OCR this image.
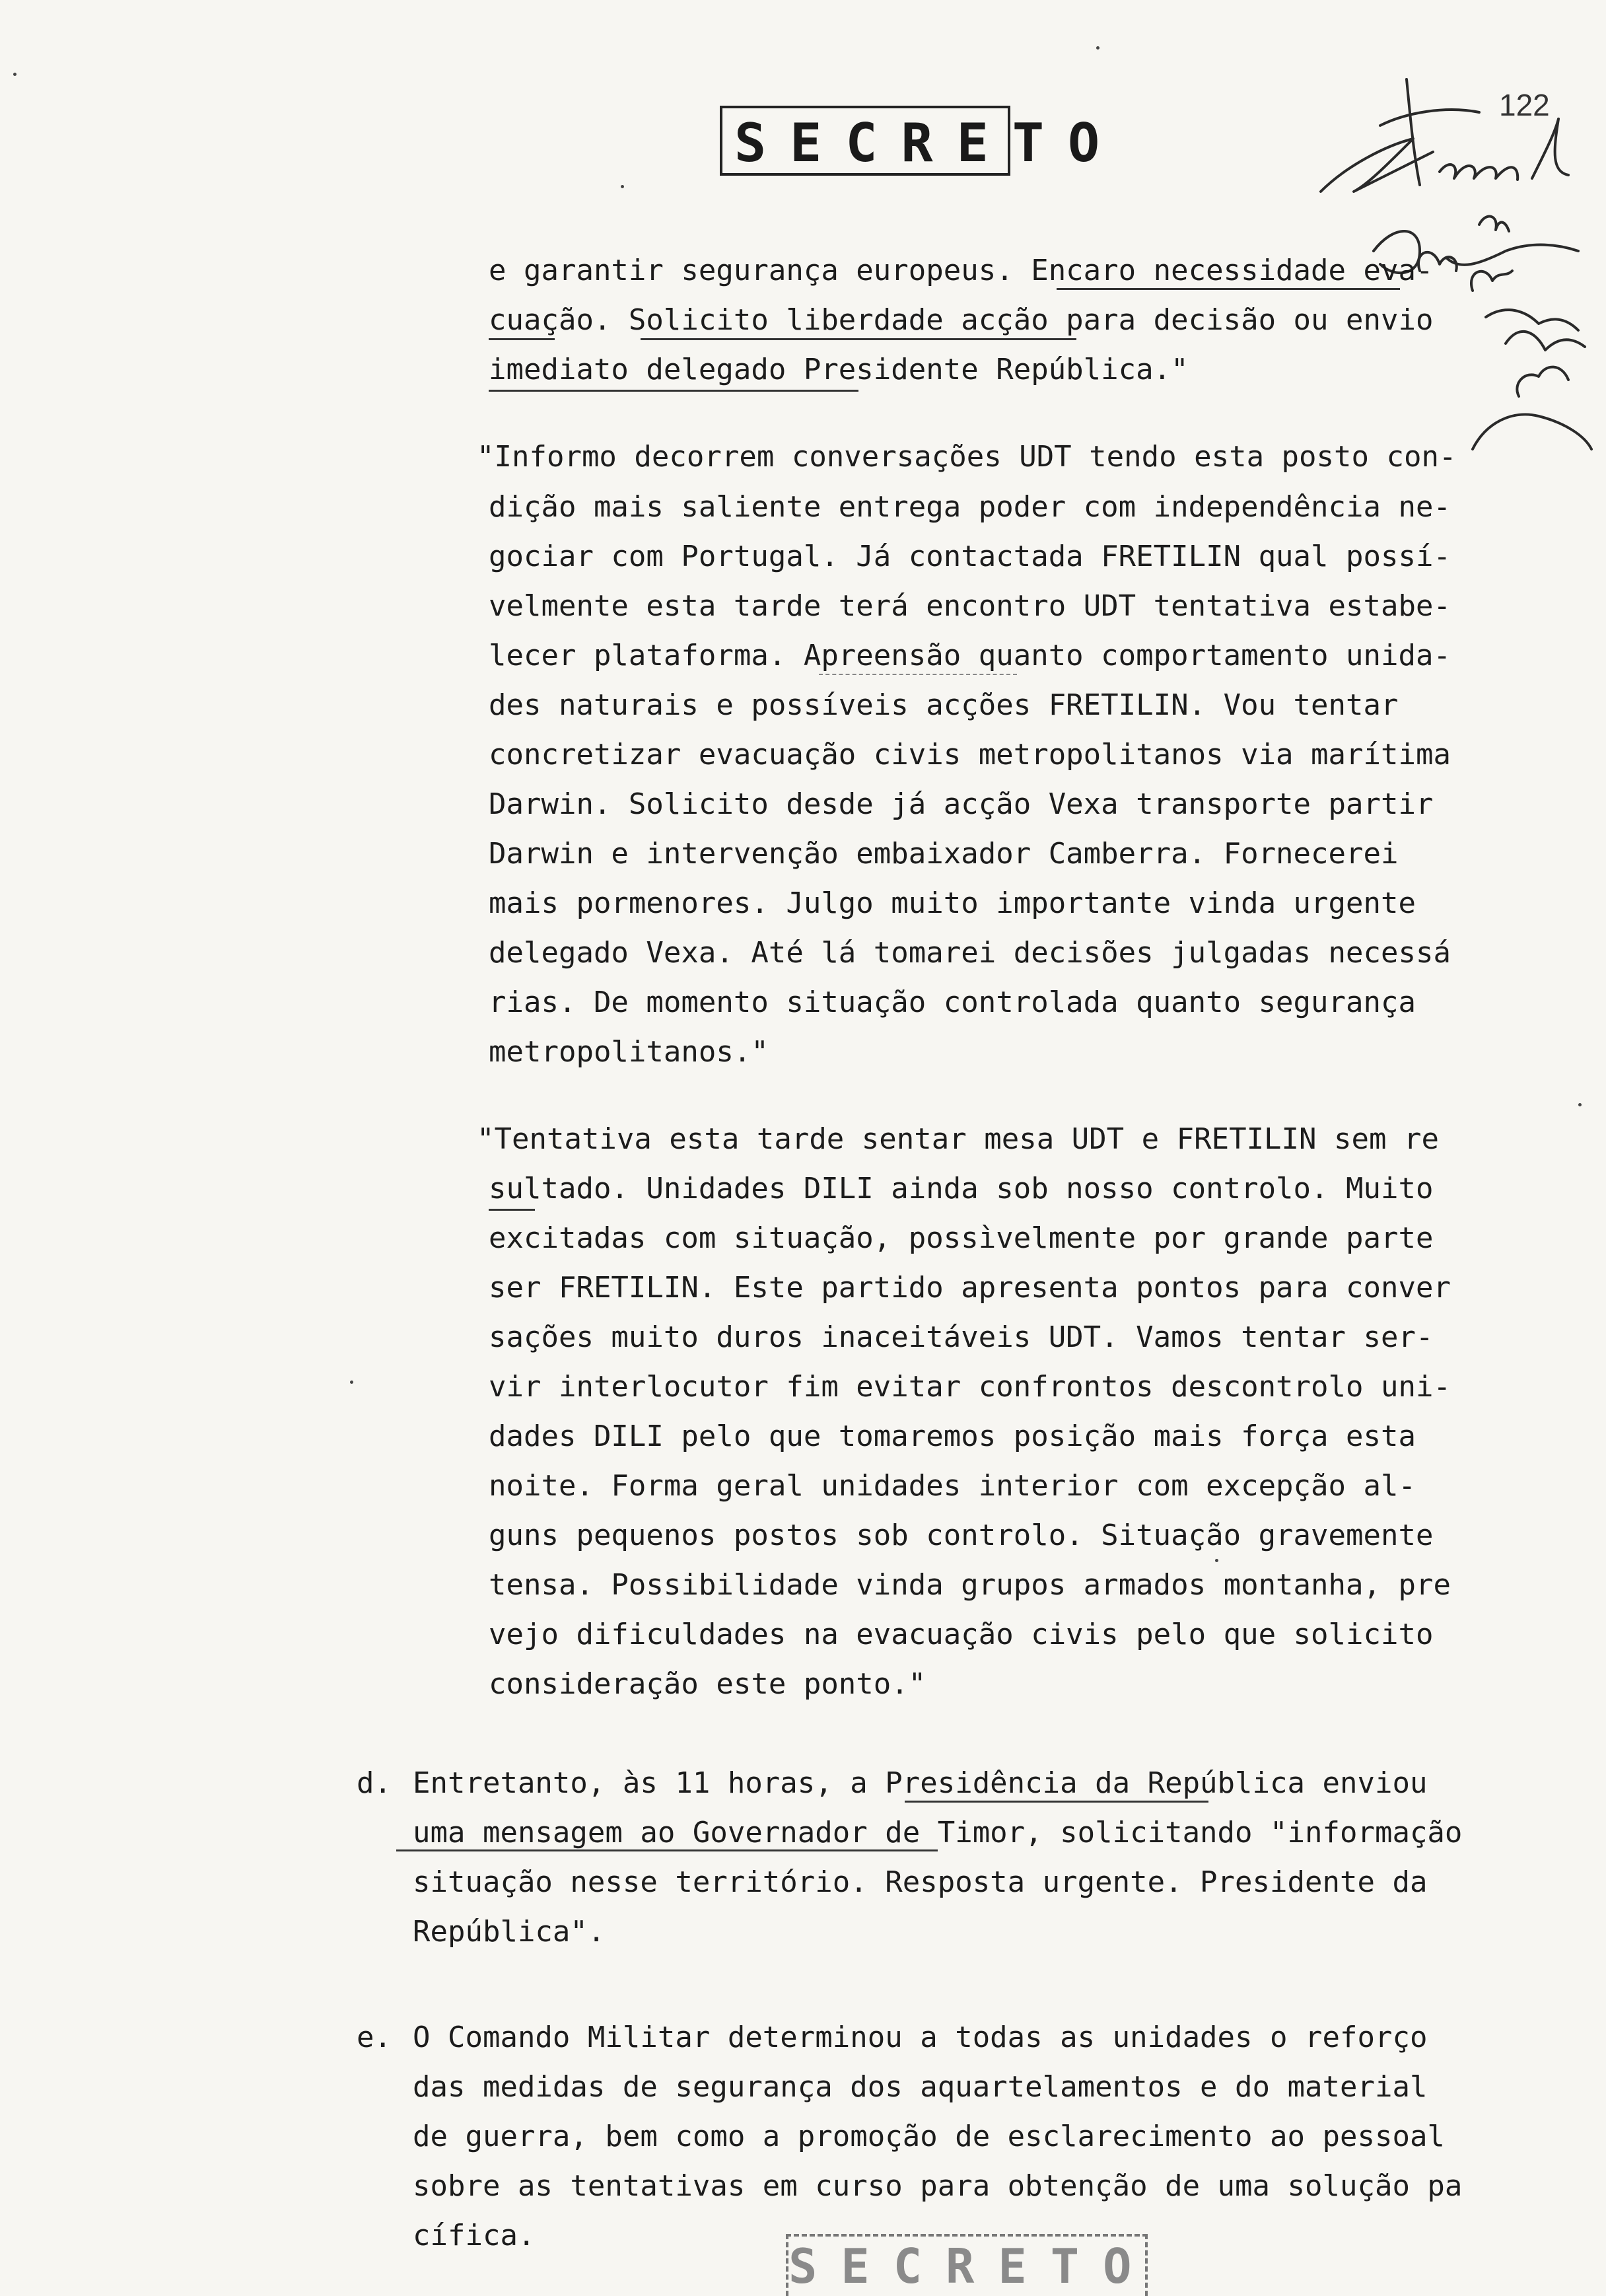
SECRETO
122
e garantir segurança europeus. Encaro necessidade eva-
cuação. Solicito liberdade acção para decisão ou envio
imediato delegado Presidente República."
"Informo decorrem conversações UDT tendo esta posto con-
dição mais saliente entrega poder com independência ne-
gociar com Portugal. Já contactada FRETILIN qual possí-
velmente esta tarde terá encontro UDT tentativa estabe-
lecer plataforma. Apreensão quanto comportamento unida-
des naturais e possíveis acções FRETILIN. Vou tentar
concretizar evacuação civis metropolitanos via marítima
Darwin. Solicito desde já acção Vexa transporte partir
Darwin e intervenção embaixador Camberra. Fornecerei
mais pormenores. Julgo muito importante vinda urgente
delegado Vexa. Até lá tomarei decisões julgadas necessá
rias. De momento situação controlada quanto segurança
metropolitanos."
"Tentativa esta tarde sentar mesa UDT e FRETILIN sem re
sultado. Unidades DILI ainda sob nosso controlo. Muito
excitadas com situação, possìvelmente por grande parte
ser FRETILIN. Este partido apresenta pontos para conver
sações muito duros inaceitáveis UDT. Vamos tentar ser-
vir interlocutor fim evitar confrontos descontrolo uni-
dades DILI pelo que tomaremos posição mais força esta
noite. Forma geral unidades interior com excepção al-
guns pequenos postos sob controlo. Situação gravemente
tensa. Possibilidade vinda grupos armados montanha, pre
vejo dificuldades na evacuação civis pelo que solicito
consideração este ponto."
d. Entretanto, às 11 horas, a Presidência da República enviou
uma mensagem ao Governador de Timor, solicitando "informação
situação nesse território. Resposta urgente. Presidente da
República".
e. O Comando Militar determinou a todas as unidades o reforço
das medidas de segurança dos aquartelamentos e do material
de guerra, bem como a promoção de esclarecimento ao pessoal
sobre as tentativas em curso para obtenção de uma solução pa
cífica.
SECRETO
